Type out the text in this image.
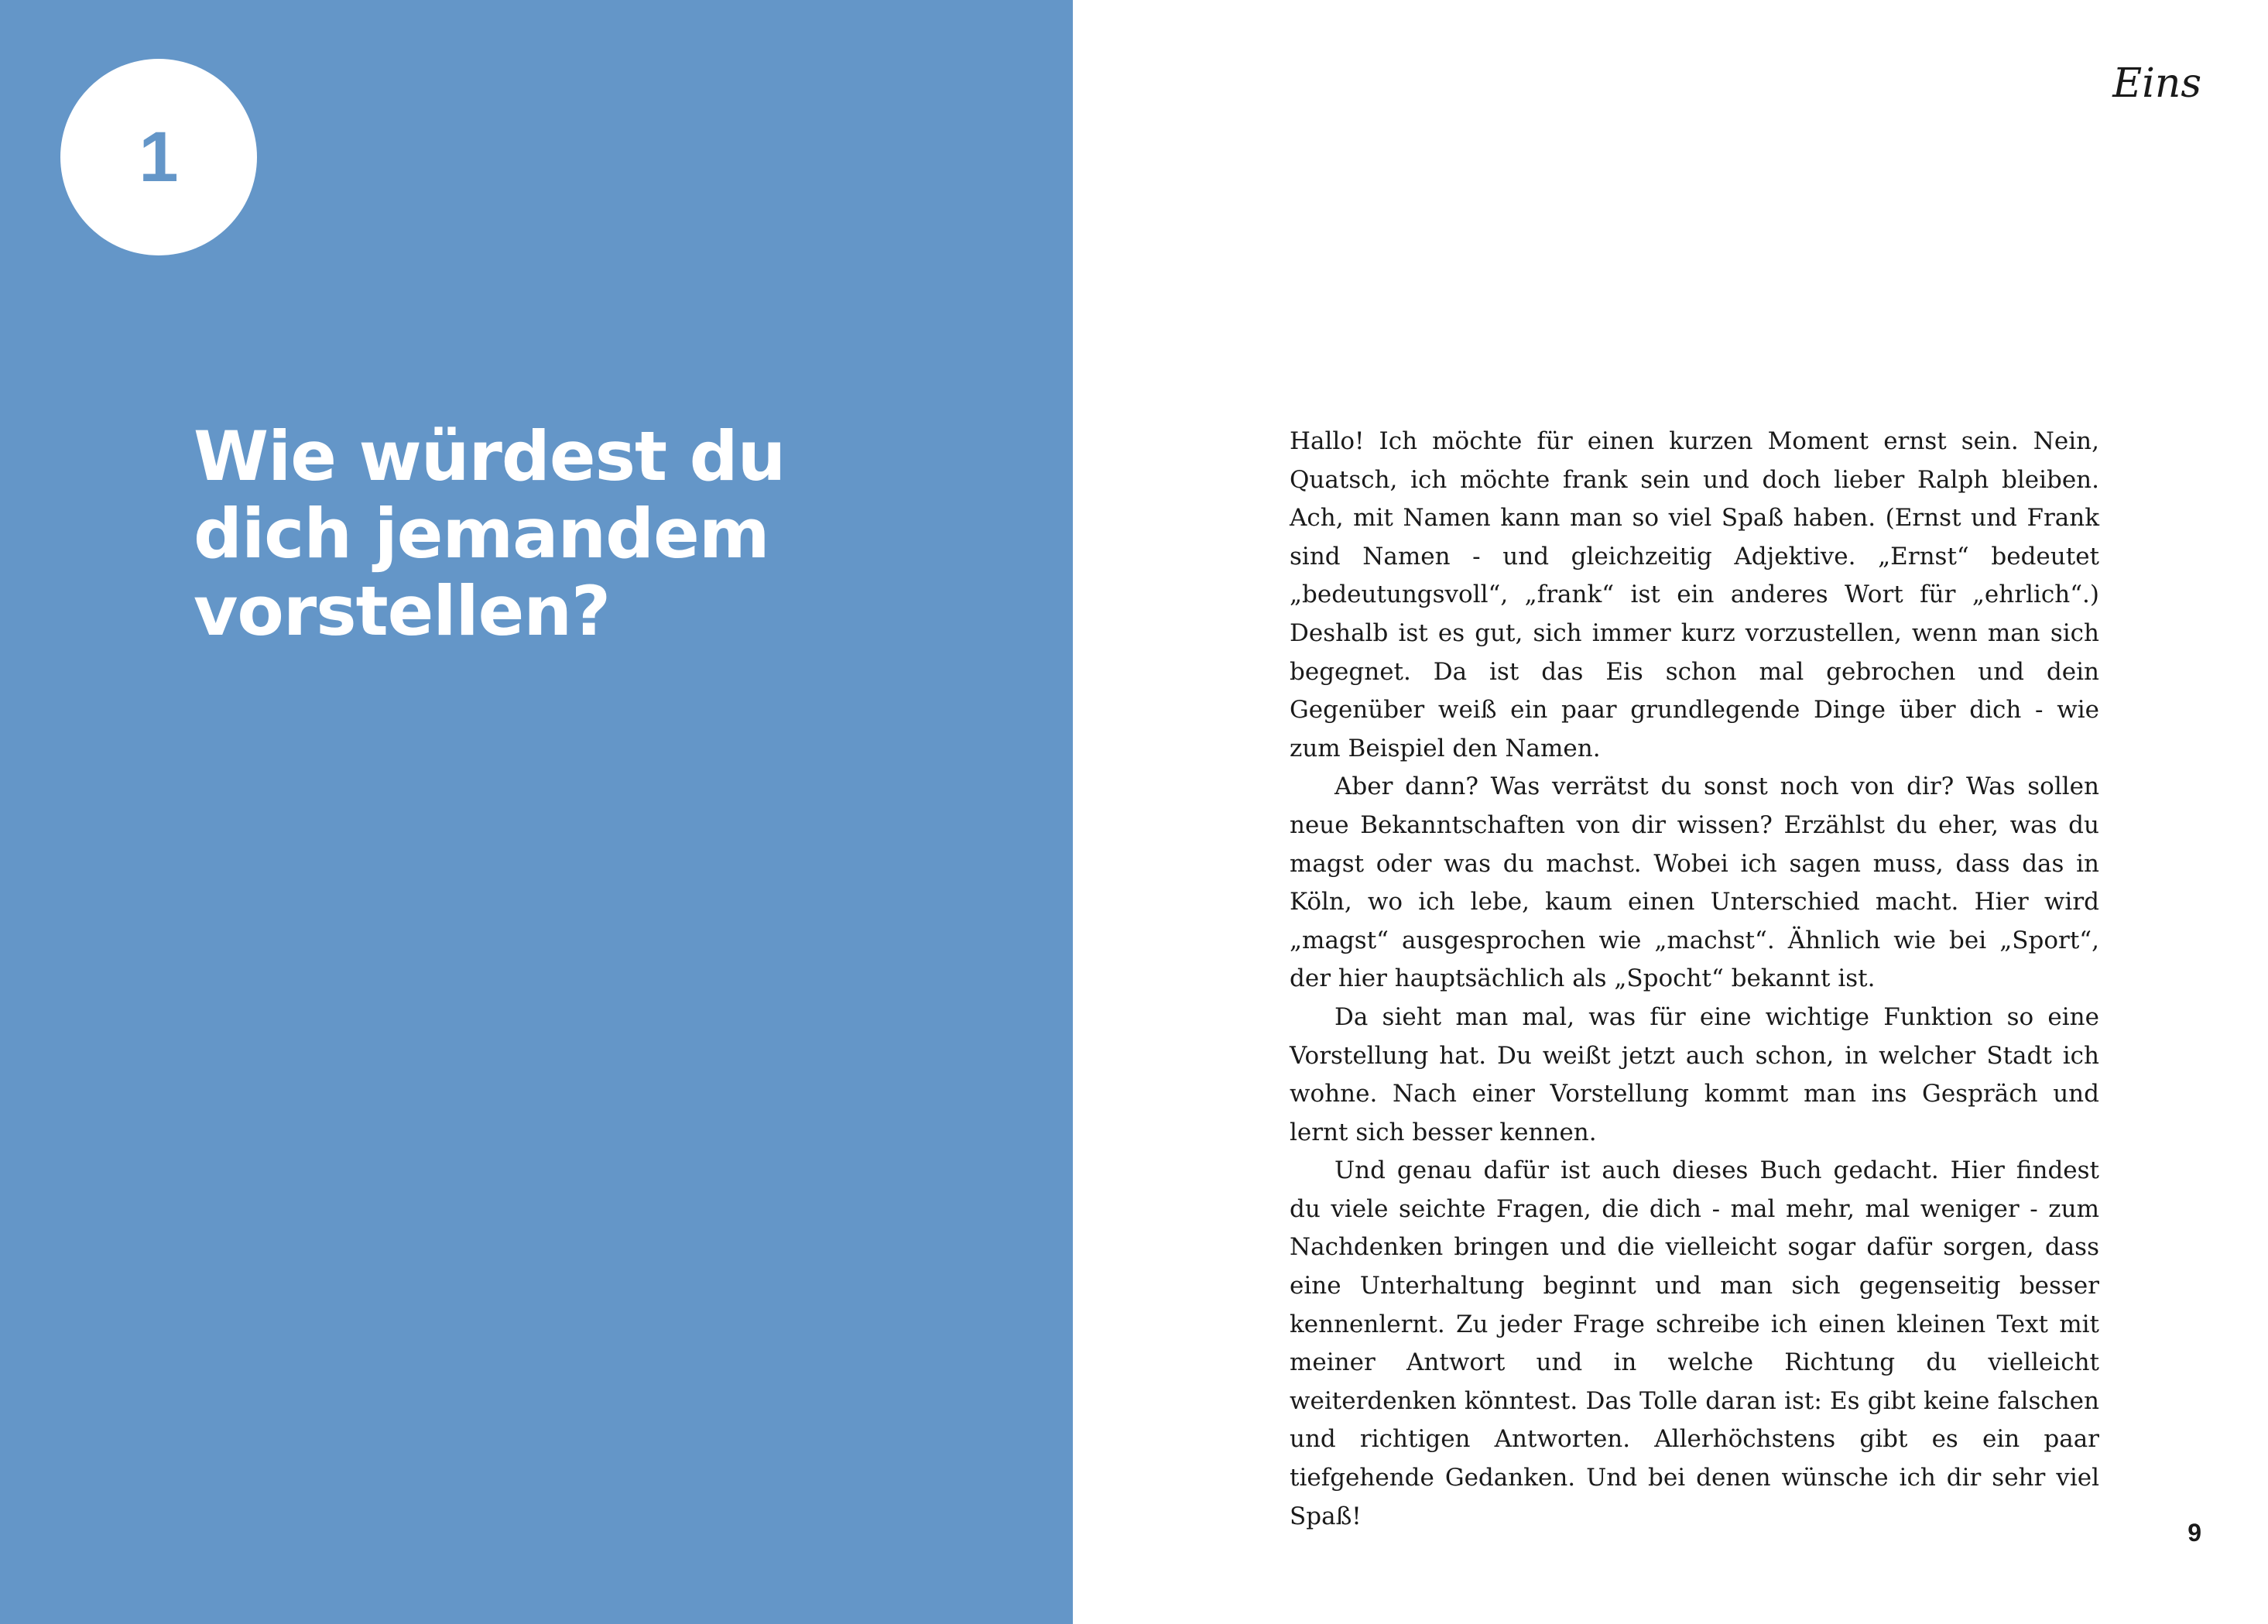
1
Wie würdest du
dich jemandem
vorstellen?
Eins

Hallo! Ich möchte für einen kurzen Moment ernst sein. Nein, Quatsch, ich möchte frank sein und doch lieber Ralph bleiben. Ach, mit Namen kann man so viel Spaß haben. (Ernst und Frank sind Namen - und gleichzeitig Adjektive. „Ernst“ bedeutet „bedeutungsvoll“, „frank“ ist ein anderes Wort für „ehrlich“.) Deshalb ist es gut, sich immer kurz vorzustellen, wenn man sich begegnet. Da ist das Eis schon mal gebrochen und dein Gegenüber weiß ein paar grundlegende Dinge über dich - wie zum Beispiel den Namen.

Aber dann? Was verrätst du sonst noch von dir? Was sollen neue Bekanntschaften von dir wissen? Erzählst du eher, was du magst oder was du machst. Wobei ich sagen muss, dass das in Köln, wo ich lebe, kaum einen Unterschied macht. Hier wird „magst“ ausgesprochen wie „machst“. Ähnlich wie bei „Sport“, der hier hauptsächlich als „Spocht“ bekannt ist.

Da sieht man mal, was für eine wichtige Funktion so eine Vorstellung hat. Du weißt jetzt auch schon, in welcher Stadt ich wohne. Nach einer Vorstellung kommt man ins Gespräch und lernt sich besser kennen.

Und genau dafür ist auch dieses Buch gedacht. Hier findest du viele seichte Fragen, die dich - mal mehr, mal weniger - zum Nachdenken bringen und die vielleicht sogar dafür sorgen, dass eine Unterhaltung beginnt und man sich gegenseitig besser kennenlernt. Zu jeder Frage schreibe ich einen kleinen Text mit meiner Antwort und in welche Richtung du vielleicht weiterdenken könntest. Das Tolle daran ist: Es gibt keine falschen und richtigen Antworten. Allerhöchstens gibt es ein paar tiefgehende Gedanken. Und bei denen wünsche ich dir sehr viel Spaß!

9
